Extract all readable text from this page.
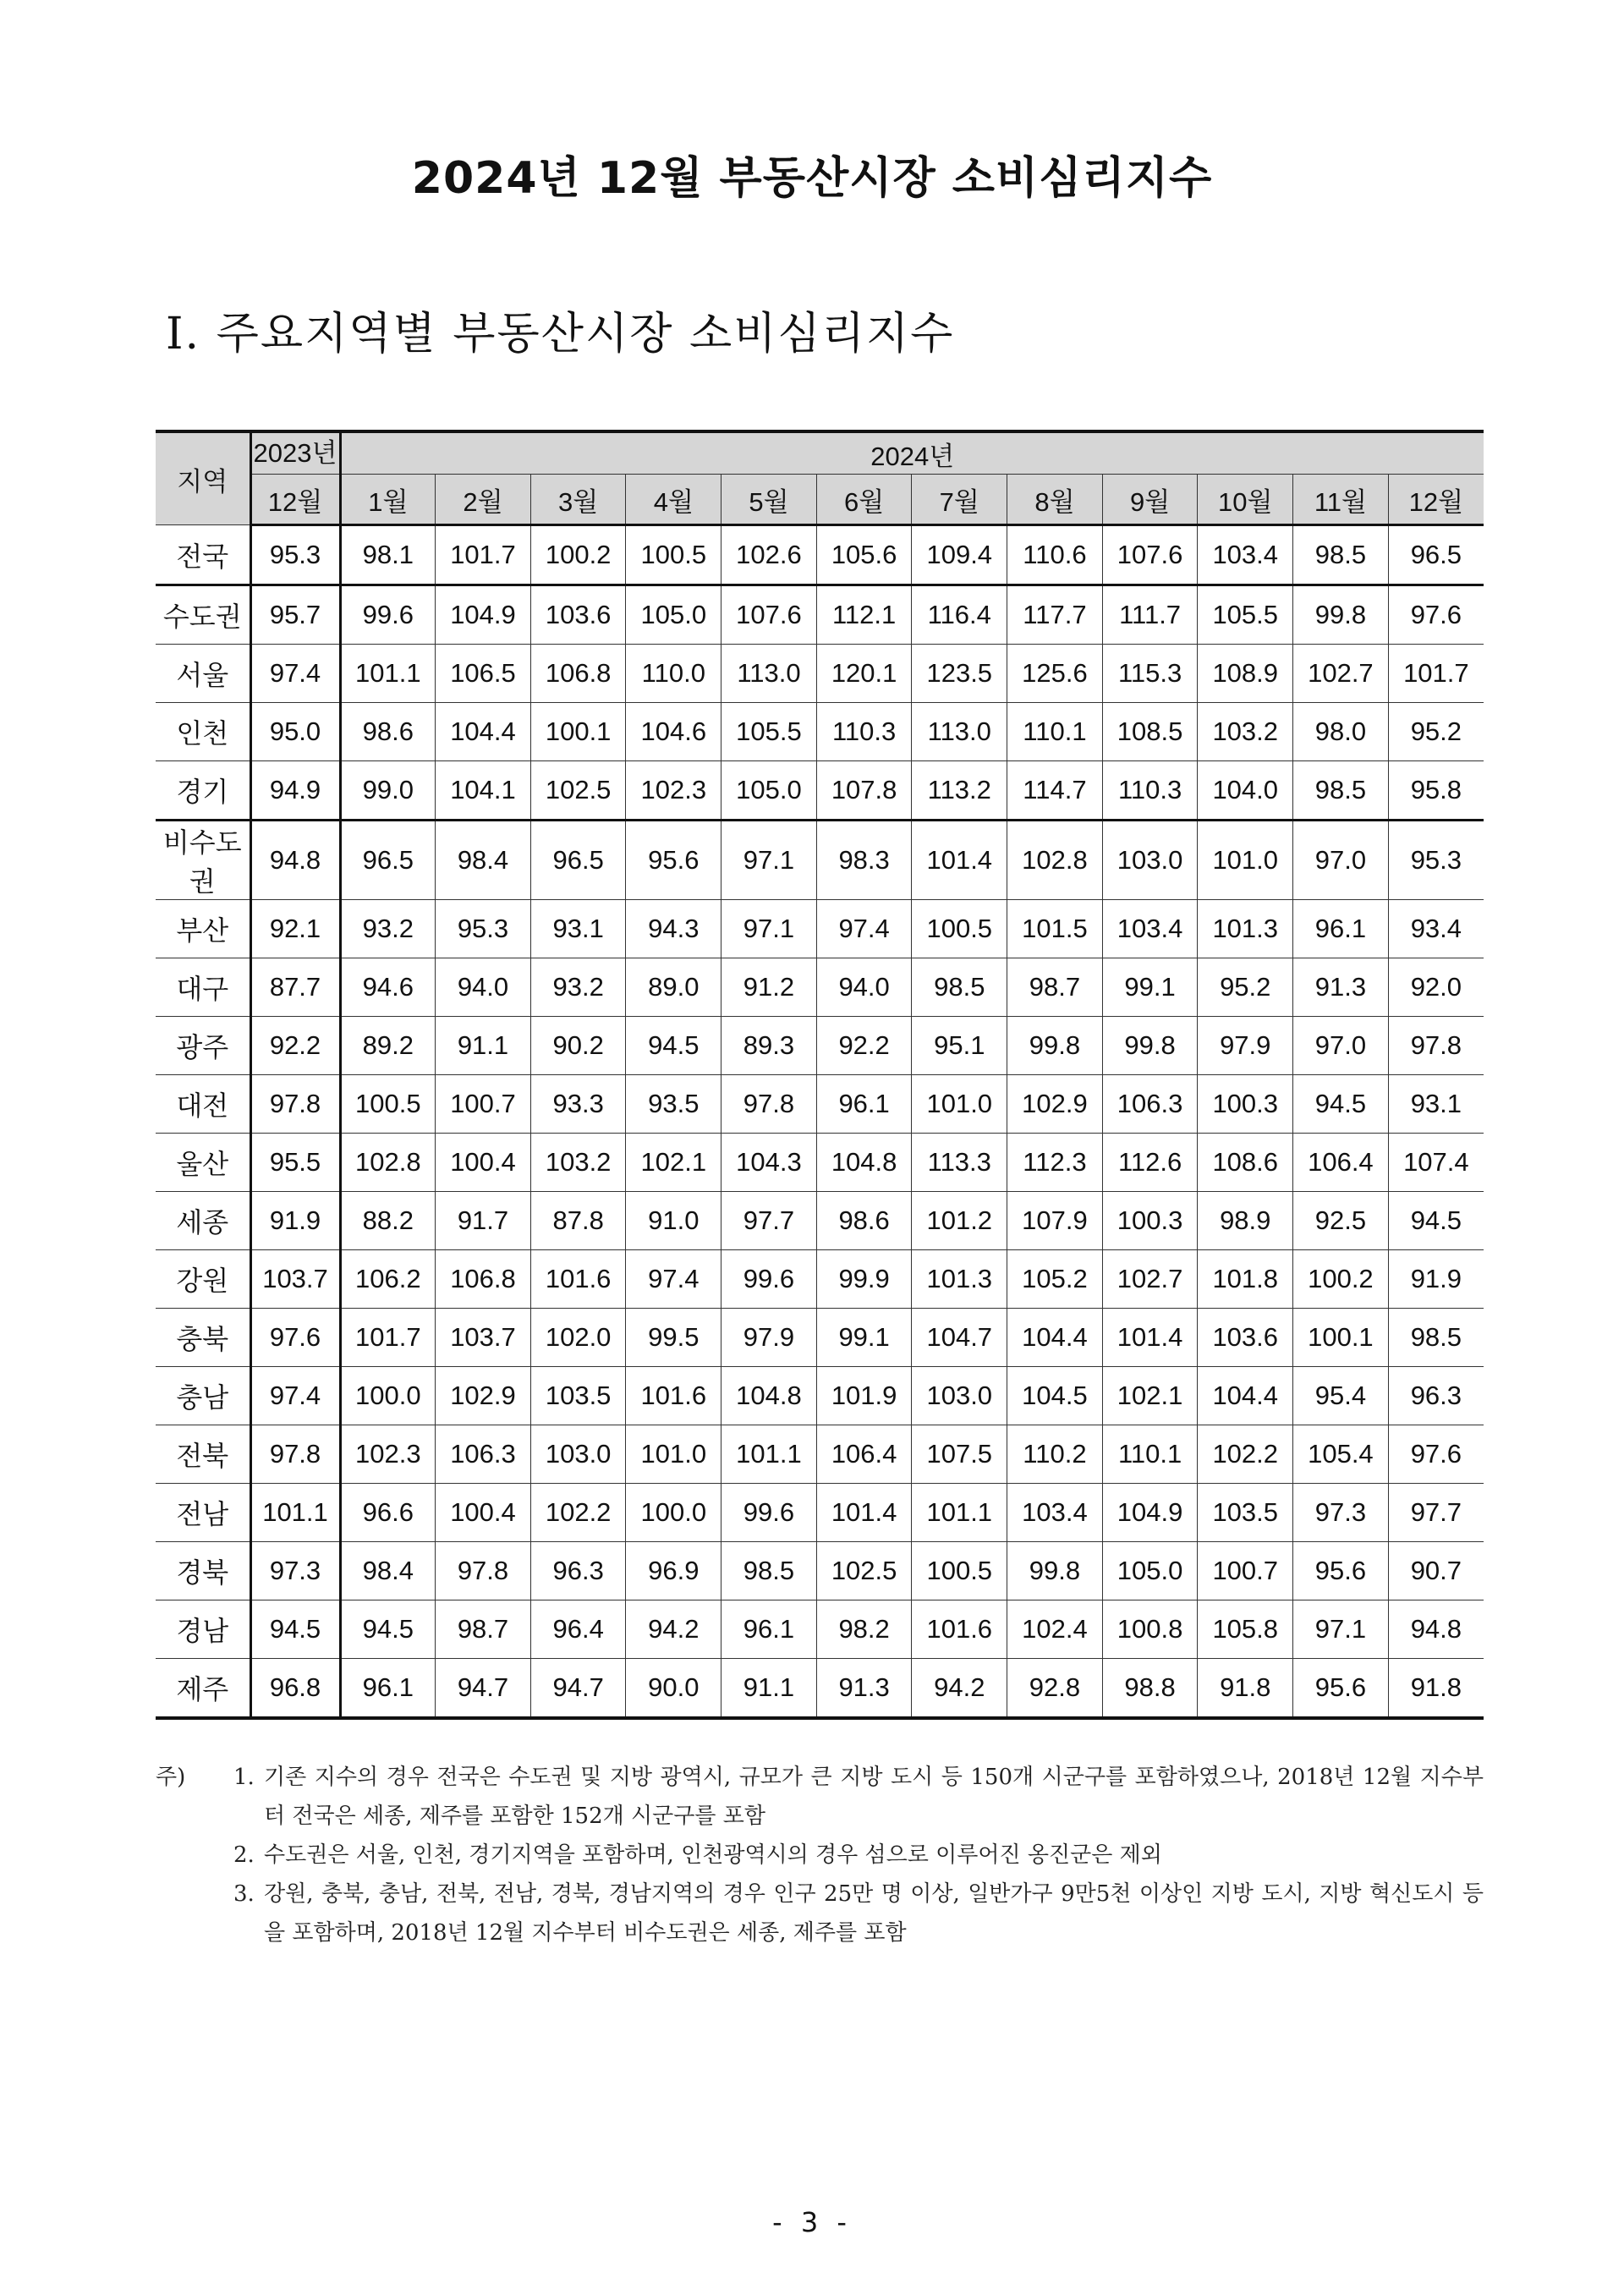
2024년 12월 부동산시장 소비심리지수
Ⅰ. 주요지역별 부동산시장 소비심리지수
지역	2023년	2024년											
	12월	1월	2월	3월	4월	5월	6월	7월	8월	9월	10월	11월	12월
전국	95.3	98.1	101.7	100.2	100.5	102.6	105.6	109.4	110.6	107.6	103.4	98.5	96.5
수도권	95.7	99.6	104.9	103.6	105.0	107.6	112.1	116.4	117.7	111.7	105.5	99.8	97.6
서울	97.4	101.1	106.5	106.8	110.0	113.0	120.1	123.5	125.6	115.3	108.9	102.7	101.7
인천	95.0	98.6	104.4	100.1	104.6	105.5	110.3	113.0	110.1	108.5	103.2	98.0	95.2
경기	94.9	99.0	104.1	102.5	102.3	105.0	107.8	113.2	114.7	110.3	104.0	98.5	95.8
비수도권	94.8	96.5	98.4	96.5	95.6	97.1	98.3	101.4	102.8	103.0	101.0	97.0	95.3
부산	92.1	93.2	95.3	93.1	94.3	97.1	97.4	100.5	101.5	103.4	101.3	96.1	93.4
대구	87.7	94.6	94.0	93.2	89.0	91.2	94.0	98.5	98.7	99.1	95.2	91.3	92.0
광주	92.2	89.2	91.1	90.2	94.5	89.3	92.2	95.1	99.8	99.8	97.9	97.0	97.8
대전	97.8	100.5	100.7	93.3	93.5	97.8	96.1	101.0	102.9	106.3	100.3	94.5	93.1
울산	95.5	102.8	100.4	103.2	102.1	104.3	104.8	113.3	112.3	112.6	108.6	106.4	107.4
세종	91.9	88.2	91.7	87.8	91.0	97.7	98.6	101.2	107.9	100.3	98.9	92.5	94.5
강원	103.7	106.2	106.8	101.6	97.4	99.6	99.9	101.3	105.2	102.7	101.8	100.2	91.9
충북	97.6	101.7	103.7	102.0	99.5	97.9	99.1	104.7	104.4	101.4	103.6	100.1	98.5
충남	97.4	100.0	102.9	103.5	101.6	104.8	101.9	103.0	104.5	102.1	104.4	95.4	96.3
전북	97.8	102.3	106.3	103.0	101.0	101.1	106.4	107.5	110.2	110.1	102.2	105.4	97.6
전남	101.1	96.6	100.4	102.2	100.0	99.6	101.4	101.1	103.4	104.9	103.5	97.3	97.7
경북	97.3	98.4	97.8	96.3	96.9	98.5	102.5	100.5	99.8	105.0	100.7	95.6	90.7
경남	94.5	94.5	98.7	96.4	94.2	96.1	98.2	101.6	102.4	100.8	105.8	97.1	94.8
제주	96.8	96.1	94.7	94.7	90.0	91.1	91.3	94.2	92.8	98.8	91.8	95.6	91.8
주)	1. 기존 지수의 경우 전국은 수도권 및 지방 광역시, 규모가 큰 지방 도시 등 150개 시군구를 포함하였으나, 2018년 12월 지수부터 전국은 세종, 제주를 포함한 152개 시군구를 포함
2. 수도권은 서울, 인천, 경기지역을 포함하며, 인천광역시의 경우 섬으로 이루어진 옹진군은 제외
3. 강원, 충북, 충남, 전북, 전남, 경북, 경남지역의 경우 인구 25만 명 이상, 일반가구 9만5천 이상인 지방 도시, 지방 혁신도시 등을 포함하며, 2018년 12월 지수부터 비수도권은 세종, 제주를 포함
- 3 -
